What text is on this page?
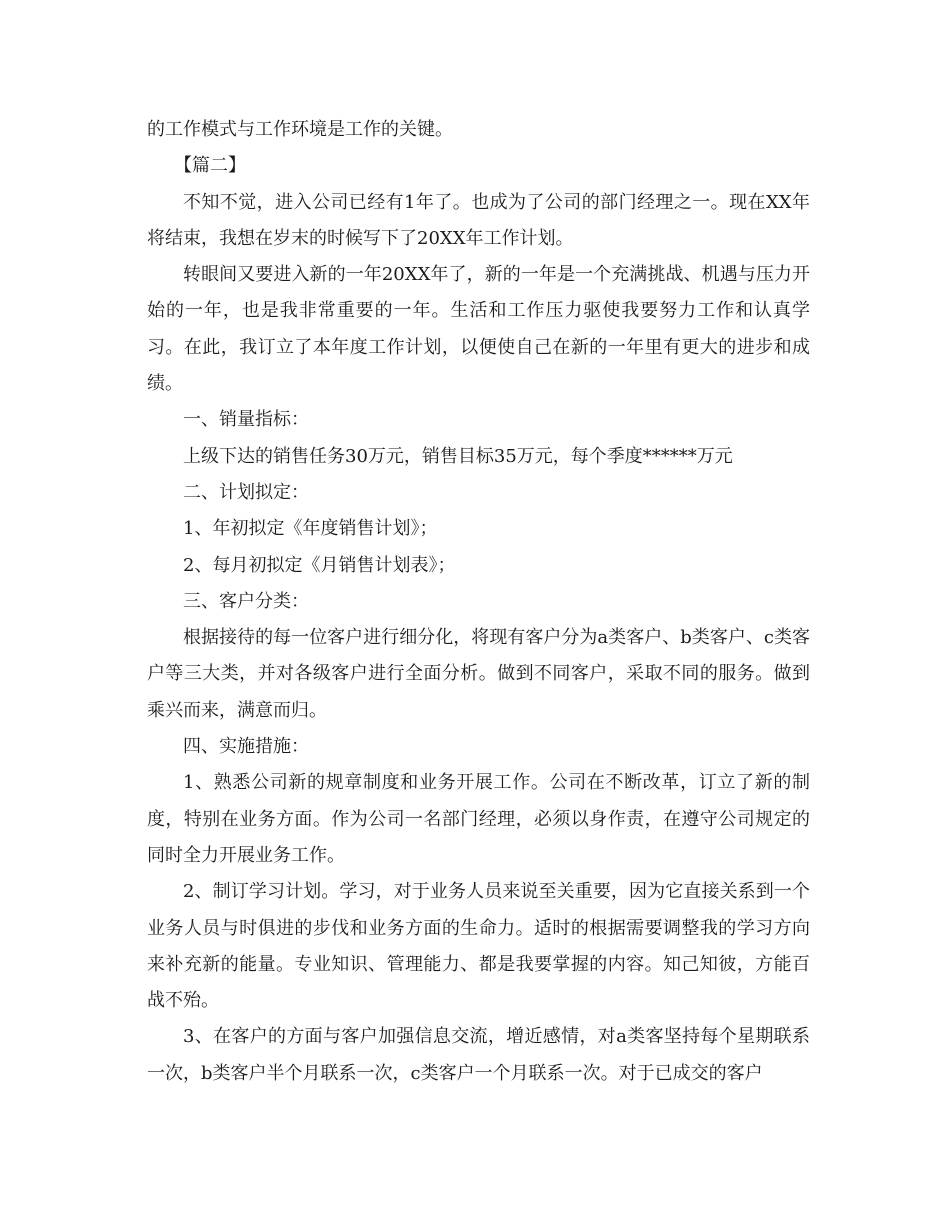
的工作模式与工作环境是工作的关键。

【篇二】

不知不觉，进入公司已经有1年了。也成为了公司的部门经理之一。现在XX年将结束，我想在岁末的时候写下了20XX年工作计划。

转眼间又要进入新的一年20XX年了，新的一年是一个充满挑战、机遇与压力开始的一年，也是我非常重要的一年。生活和工作压力驱使我要努力工作和认真学习。在此，我订立了本年度工作计划，以便使自己在新的一年里有更大的进步和成绩。

一、销量指标：

上级下达的销售任务30万元，销售目标35万元，每个季度******万元

二、计划拟定：

1、年初拟定《年度销售计划》；

2、每月初拟定《月销售计划表》；

三、客户分类：

根据接待的每一位客户进行细分化，将现有客户分为a类客户、b类客户、c类客户等三大类，并对各级客户进行全面分析。做到不同客户，采取不同的服务。做到乘兴而来，满意而归。

四、实施措施：

1、熟悉公司新的规章制度和业务开展工作。公司在不断改革，订立了新的制度，特别在业务方面。作为公司一名部门经理，必须以身作责，在遵守公司规定的同时全力开展业务工作。

2、制订学习计划。学习，对于业务人员来说至关重要，因为它直接关系到一个业务人员与时俱进的步伐和业务方面的生命力。适时的根据需要调整我的学习方向来补充新的能量。专业知识、管理能力、都是我要掌握的内容。知己知彼，方能百战不殆。

3、在客户的方面与客户加强信息交流，增近感情，对a类客坚持每个星期联系一次，b类客户半个月联系一次，c类客户一个月联系一次。对于已成交的客户
